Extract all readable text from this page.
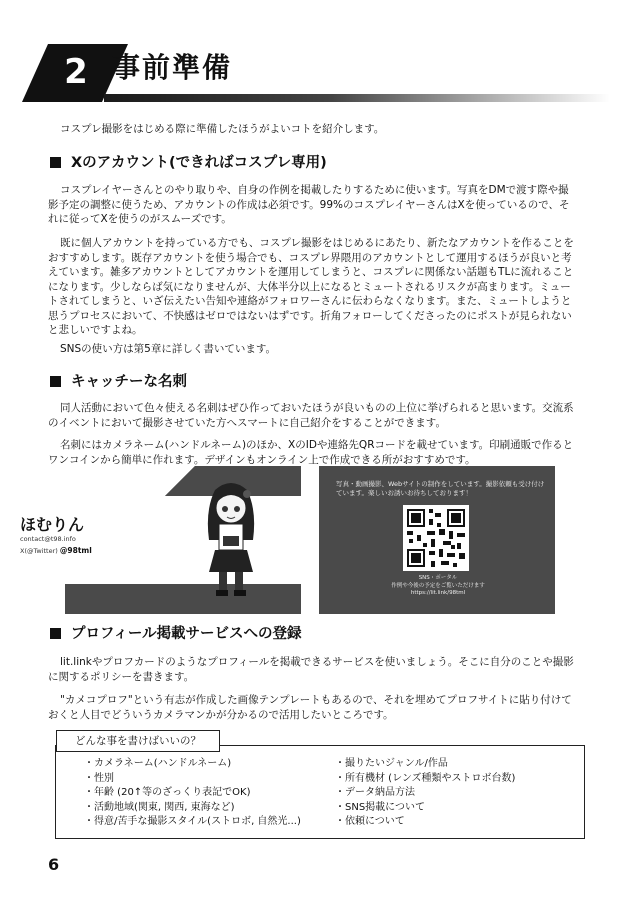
2 事前準備
コスプレ撮影をはじめる際に準備したほうがよいコトを紹介します。
Xのアカウント(できればコスプレ専用)
コスプレイヤーさんとのやり取りや、自身の作例を掲載したりするために使います。写真をDMで渡す際や撮影予定の調整に使うため、アカウントの作成は必須です。99%のコスプレイヤーさんはXを使っているので、それに従ってXを使うのがスムーズです。
既に個人アカウントを持っている方でも、コスプレ撮影をはじめるにあたり、新たなアカウントを作ることをおすすめします。既存アカウントを使う場合でも、コスプレ界隈用のアカウントとして運用するほうが良いと考えています。雑多アカウントとしてアカウントを運用してしまうと、コスプレに関係ない話題もTLに流れることになります。少しならば気になりませんが、大体半分以上になるとミュートされるリスクが高まります。ミュートされてしまうと、いざ伝えたい告知や連絡がフォロワーさんに伝わらなくなります。また、ミュートしようと思うプロセスにおいて、不快感はゼロではないはずです。折角フォローしてくださったのにポストが見られないと悲しいですよね。
SNSの使い方は第5章に詳しく書いています。
キャッチーな名刺
同人活動において色々使える名刺はぜひ作っておいたほうが良いものの上位に挙げられると思います。交流系のイベントにおいて撮影させていた方へスマートに自己紹介をすることができます。
名刺にはカメラネーム(ハンドルネーム)のほか、XのIDや連絡先QRコードを載せています。印刷通販で作るとワンコインから簡単に作れます。デザインもオンライン上で作成できる所がおすすめです。
ほむりん
contact@t98.info
X(@Twitter) @98tml
写真・動画撮影、Webサイトの制作をしています。撮影依頼も受け付けています。楽しいお誘いお待ちしております！
SNS・ポータル
作例や今後の予定をご覧いただけます
https://lit.link/98tml
プロフィール掲載サービスへの登録
lit.linkやプロフカードのようなプロフィールを掲載できるサービスを使いましょう。そこに自分のことや撮影に関するポリシーを書きます。
"カメコプロフ"という有志が作成した画像テンプレートもあるので、それを埋めてプロフサイトに貼り付けておくと人目でどういうカメラマンかが分かるので活用したいところです。
どんな事を書けばいいの？
・ カメラネーム(ハンドルネーム)
・ 性別
・ 年齢 (20↑等のざっくり表記でOK)
・ 活動地域(関東, 関西, 東海など)
・ 得意/苦手な撮影スタイル(ストロボ, 自然光...)
・ 撮りたいジャンル/作品
・ 所有機材 (レンズ種類やストロボ台数)
・ データ納品方法
・ SNS掲載について
・ 依頼について
6
